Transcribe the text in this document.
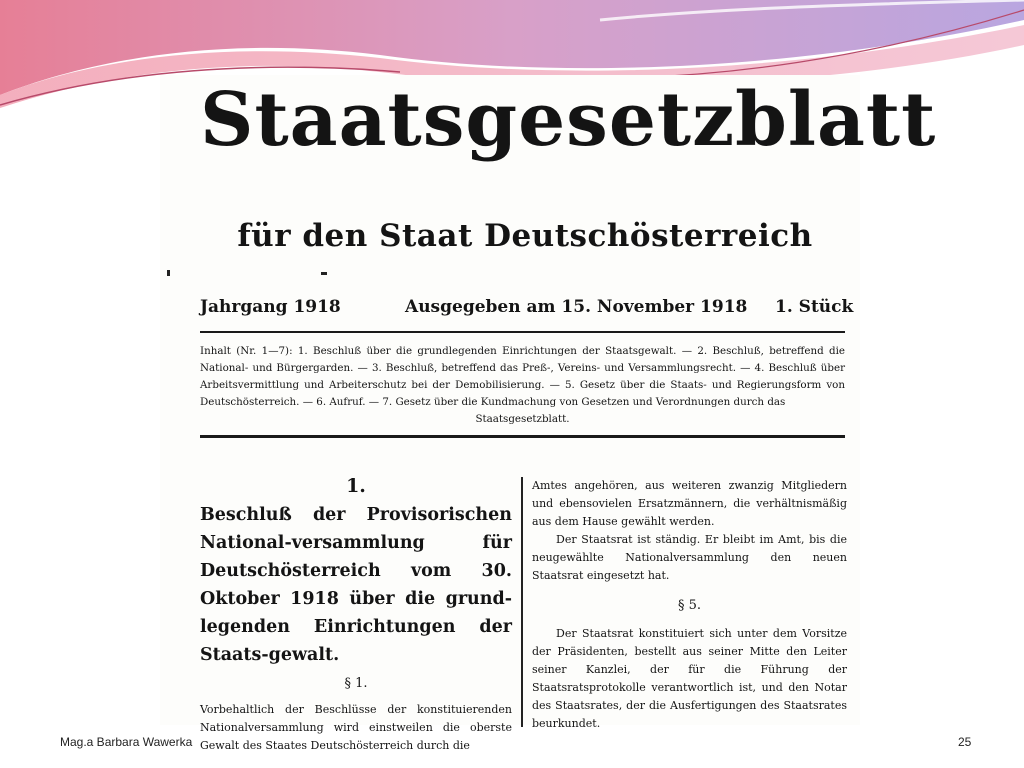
Staatsgesetzblatt
für den Staat Deutschösterreich
Jahrgang 1918	Ausgegeben am 15. November 1918 1. Stück
Inhalt (Nr. 1—7): 1. Beschluß über die grundlegenden Einrichtungen der Staatsgewalt. — 2. Beschluß, betreffend die National- und Bürgergarden. — 3. Beschluß, betreffend das Preß-, Vereins- und Versammlungsrecht. — 4. Beschluß über Arbeitsvermittlung und Arbeiterschutz bei der Demobilisierung. — 5. Gesetz über die Staats- und Regierungsform von Deutschösterreich. — 6. Aufruf. — 7. Gesetz über die Kundmachung von Gesetzen und Verordnungen durch das
Staatsgesetzblatt.
1.
Beschluß der Provisorischen National-versammlung für Deutschösterreich vom 30. Oktober 1918 über die grund-legenden Einrichtungen der Staats-gewalt.
§ 1.

Vorbehaltlich der Beschlüsse der konstituierenden Nationalversammlung wird einstweilen die oberste Gewalt des Staates Deutschösterreich durch die

Amtes angehören, aus weiteren zwanzig Mitgliedern und ebensovielen Ersatzmännern, die verhältnismäßig aus dem Hause gewählt werden.

Der Staatsrat ist ständig. Er bleibt im Amt, bis die neugewählte Nationalversammlung den neuen Staatsrat eingesetzt hat.

§ 5.

Der Staatsrat konstituiert sich unter dem Vorsitze der Präsidenten, bestellt aus seiner Mitte den Leiter seiner Kanzlei, der für die Führung der Staatsratsprotokolle verantwortlich ist, und den Notar des Staatsrates, der die Ausfertigungen des Staatsrates beurkundet.

Mag.a Barbara Wawerka	25
